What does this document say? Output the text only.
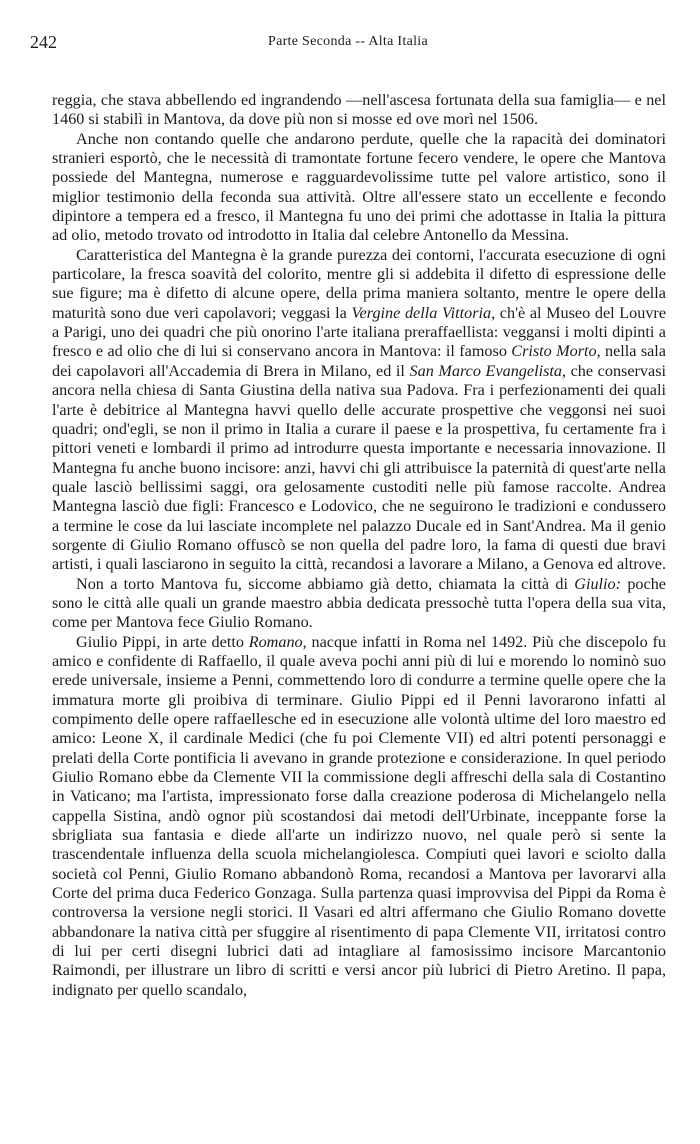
242	Parte Seconda -- Alta Italia

reggia, che stava abbellendo ed ingrandendo —nell'ascesa fortunata della sua famiglia— e nel 1460 si stabilì in Mantova, da dove più non si mosse ed ove morì nel 1506.

Anche non contando quelle che andarono perdute, quelle che la rapacità dei dominatori stranieri esportò, che le necessità di tramontate fortune fecero vendere, le opere che Mantova possiede del Mantegna, numerose e ragguardevolissime tutte pel valore artistico, sono il miglior testimonio della feconda sua attività. Oltre all'essere stato un eccellente e fecondo dipintore a tempera ed a fresco, il Mantegna fu uno dei primi che adottasse in Italia la pittura ad olio, metodo trovato od introdotto in Italia dal celebre Antonello da Messina.

Caratteristica del Mantegna è la grande purezza dei contorni, l'accurata esecuzione di ogni particolare, la fresca soavità del colorito, mentre gli si addebita il difetto di espressione delle sue figure; ma è difetto di alcune opere, della prima maniera soltanto, mentre le opere della maturità sono due veri capolavori; veggasi la Vergine della Vittoria, ch'è al Museo del Louvre a Parigi, uno dei quadri che più onorino l'arte italiana preraffaellista: veggansi i molti dipinti a fresco e ad olio che di lui si conservano ancora in Mantova: il famoso Cristo Morto, nella sala dei capolavori all'Accademia di Brera in Milano, ed il San Marco Evangelista, che conservasi ancora nella chiesa di Santa Giustina della nativa sua Padova. Fra i perfezionamenti dei quali l'arte è debitrice al Mantegna havvi quello delle accurate prospettive che veggonsi nei suoi quadri; ond'egli, se non il primo in Italia a curare il paese e la prospettiva, fu certamente fra i pittori veneti e lombardi il primo ad introdurre questa importante e necessaria innovazione. Il Mantegna fu anche buono incisore: anzi, havvi chi gli attribuisce la paternità di quest'arte nella quale lasciò bellissimi saggi, ora gelosamente custoditi nelle più famose raccolte. Andrea Mantegna lasciò due figli: Francesco e Lodovico, che ne seguirono le tradizioni e condussero a termine le cose da lui lasciate incomplete nel palazzo Ducale ed in Sant'Andrea. Ma il genio sorgente di Giulio Romano offuscò se non quella del padre loro, la fama di questi due bravi artisti, i quali lasciarono in seguito la città, recandosi a lavorare a Milano, a Genova ed altrove.

Non a torto Mantova fu, siccome abbiamo già detto, chiamata la città di Giulio: poche sono le città alle quali un grande maestro abbia dedicata pressochè tutta l'opera della sua vita, come per Mantova fece Giulio Romano.

Giulio Pippi, in arte detto Romano, nacque infatti in Roma nel 1492. Più che discepolo fu amico e confidente di Raffaello, il quale aveva pochi anni più di lui e morendo lo nominò suo erede universale, insieme a Penni, commettendo loro di condurre a termine quelle opere che la immatura morte gli proibiva di terminare. Giulio Pippi ed il Penni lavorarono infatti al compimento delle opere raffaellesche ed in esecuzione alle volontà ultime del loro maestro ed amico: Leone X, il cardinale Medici (che fu poi Clemente VII) ed altri potenti personaggi e prelati della Corte pontificia li avevano in grande protezione e considerazione. In quel periodo Giulio Romano ebbe da Clemente VII la commissione degli affreschi della sala di Costantino in Vaticano; ma l'artista, impressionato forse dalla creazione poderosa di Michelangelo nella cappella Sistina, andò ognor più scostandosi dai metodi dell'Urbinate, inceppante forse la sbrigliata sua fantasia e diede all'arte un indirizzo nuovo, nel quale però si sente la trascendentale influenza della scuola michelangiolesca. Compiuti quei lavori e sciolto dalla società col Penni, Giulio Romano abbandonò Roma, recandosi a Mantova per lavorarvi alla Corte del prima duca Federico Gonzaga. Sulla partenza quasi improvvisa del Pippi da Roma è controversa la versione negli storici. Il Vasari ed altri affermano che Giulio Romano dovette abbandonare la nativa città per sfuggire al risentimento di papa Clemente VII, irritatosi contro di lui per certi disegni lubrici dati ad intagliare al famosissimo incisore Marcantonio Raimondi, per illustrare un libro di scritti e versi ancor più lubrici di Pietro Aretino. Il papa, indignato per quello scandalo,
